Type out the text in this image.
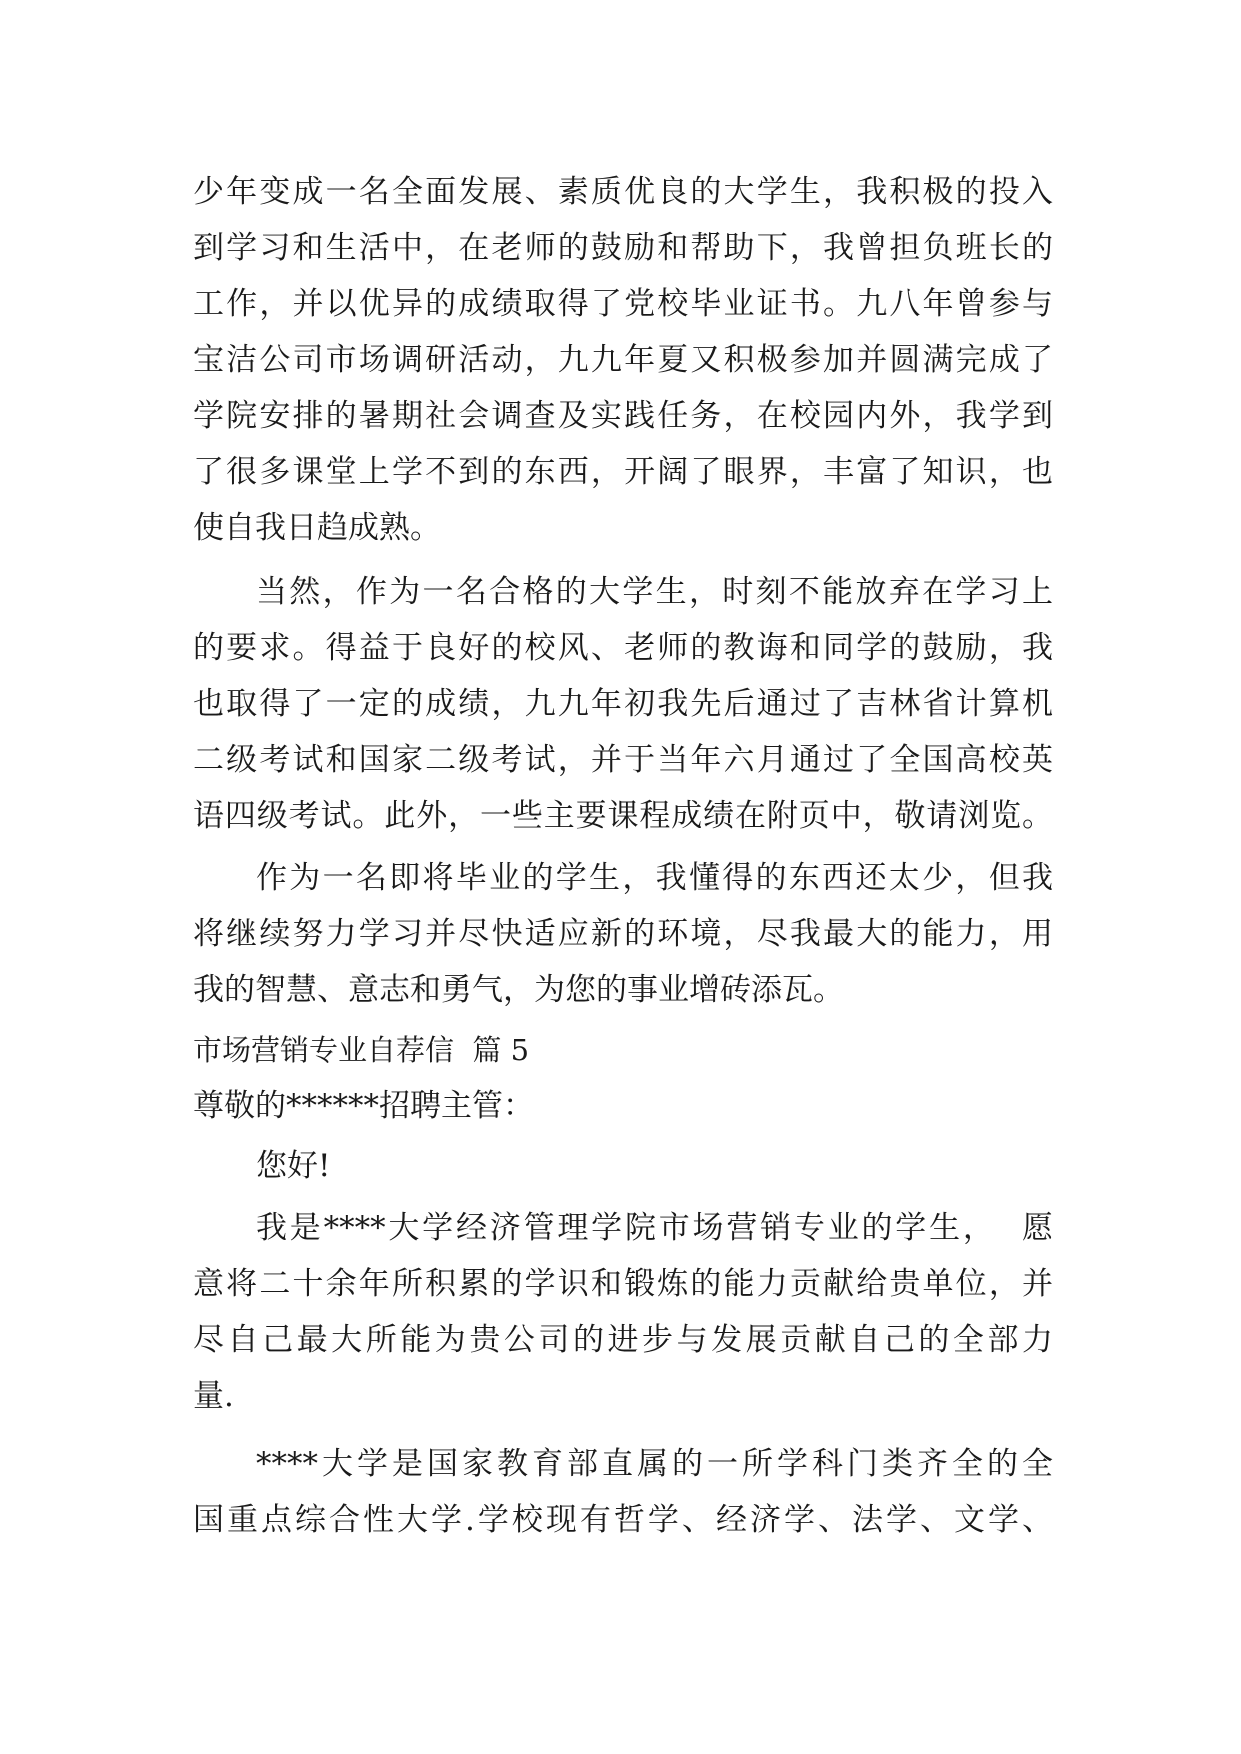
少年变成一名全面发展、素质优良的大学生，我积极的投入
到学习和生活中，在老师的鼓励和帮助下，我曾担负班长的
工作，并以优异的成绩取得了党校毕业证书。九八年曾参与
宝洁公司市场调研活动，九九年夏又积极参加并圆满完成了
学院安排的暑期社会调查及实践任务，在校园内外，我学到
了很多课堂上学不到的东西，开阔了眼界，丰富了知识，也
使自我日趋成熟。
当然，作为一名合格的大学生，时刻不能放弃在学习上
的要求。得益于良好的校风、老师的教诲和同学的鼓励，我
也取得了一定的成绩，九九年初我先后通过了吉林省计算机
二级考试和国家二级考试，并于当年六月通过了全国高校英
语四级考试。此外，一些主要课程成绩在附页中，敬请浏览。
作为一名即将毕业的学生，我懂得的东西还太少，但我
将继续努力学习并尽快适应新的环境，尽我最大的能力，用
我的智慧、意志和勇气，为您的事业增砖添瓦。
市场营销专业自荐信  篇 5
尊敬的******招聘主管：
您好!
我是****大学经济管理学院市场营销专业的学生，  愿
意将二十余年所积累的学识和锻炼的能力贡献给贵单位，并
尽自己最大所能为贵公司的进步与发展贡献自己的全部力
量.
****大学是国家教育部直属的一所学科门类齐全的全
国重点综合性大学.学校现有哲学、经济学、法学、文学、
